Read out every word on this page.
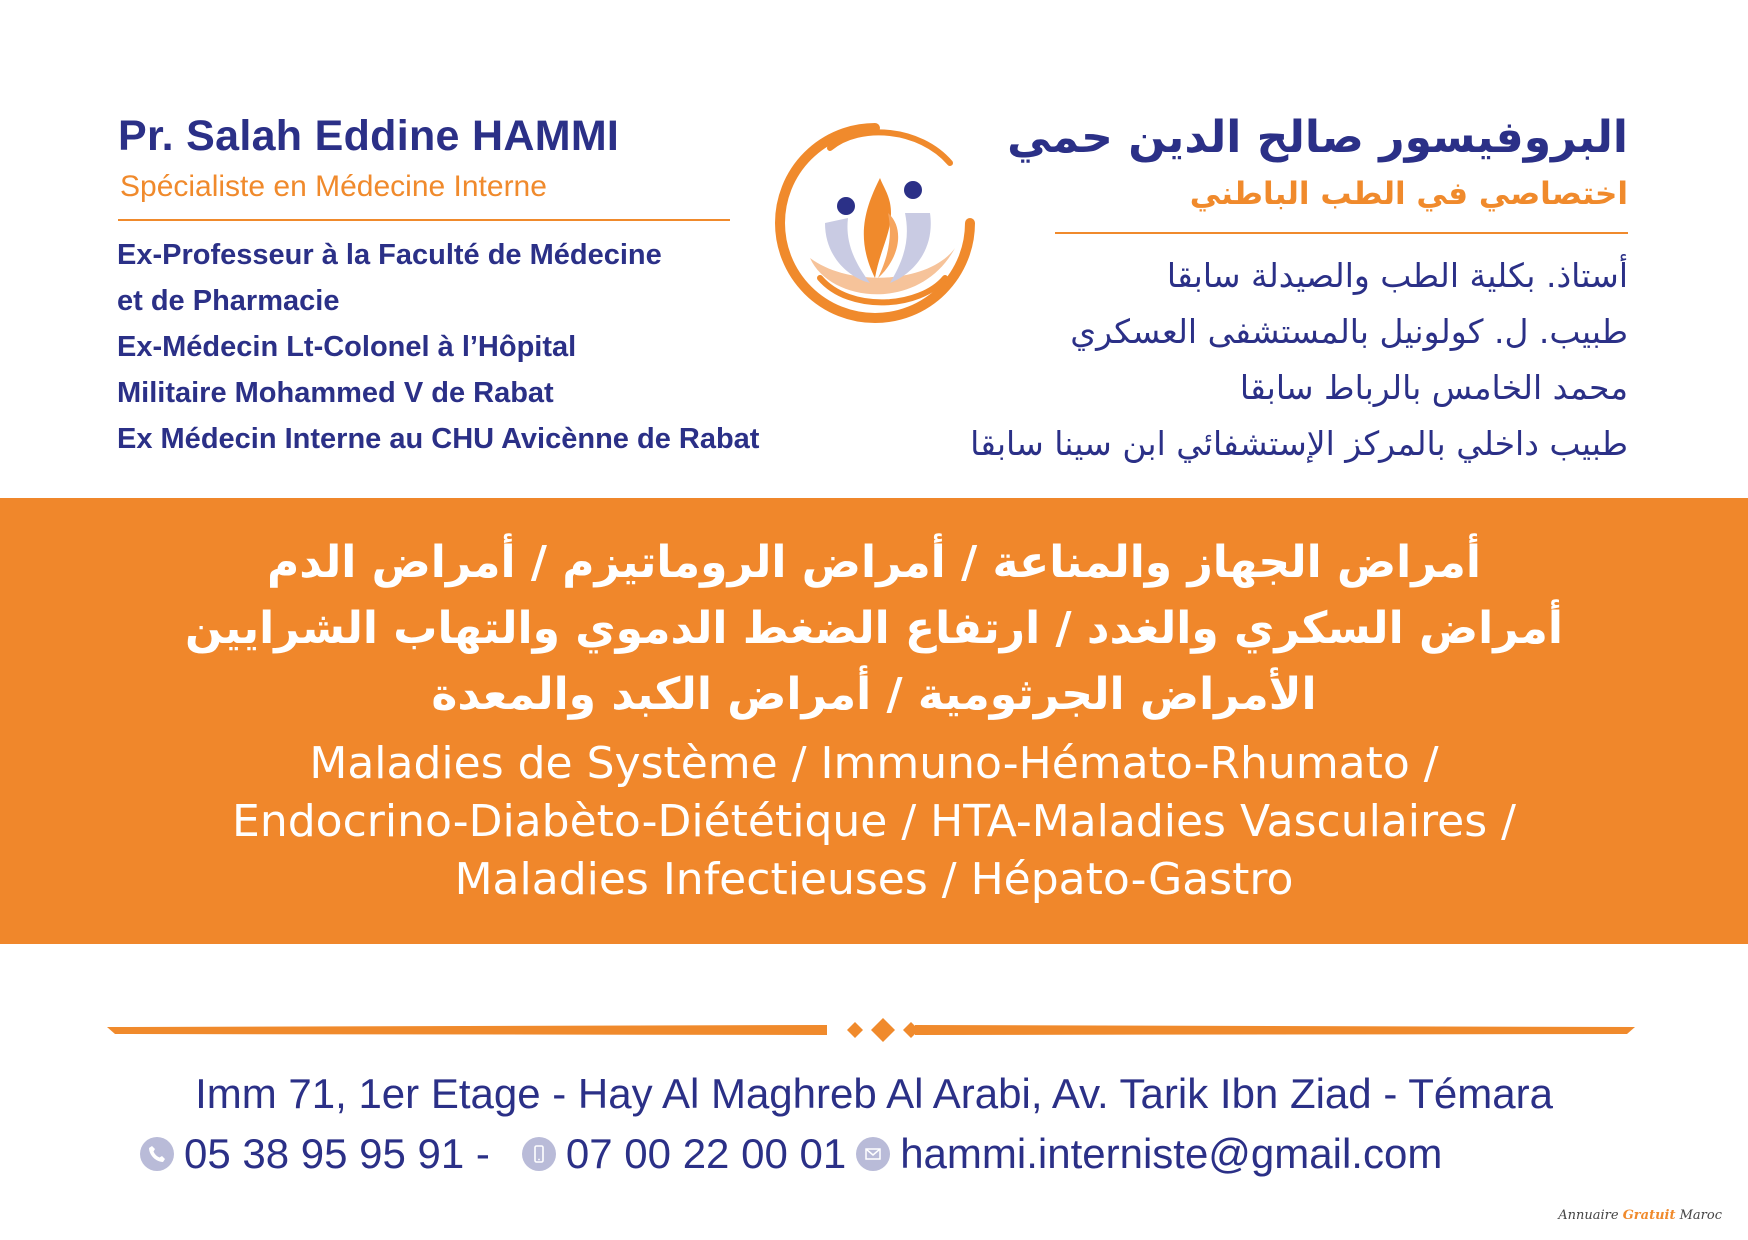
Pr. Salah Eddine HAMMI
Spécialiste en Médecine Interne
Ex-Professeur à la Faculté de Médecine
et de Pharmacie
Ex-Médecin Lt-Colonel à l’Hôpital
Militaire Mohammed V de Rabat
Ex Médecin Interne au CHU Avicènne de Rabat
البروفيسور صالح الدين حمي
اختصاصي في الطب الباطني
أستاذ. بكلية الطب والصيدلة سابقا
طبيب. ل. كولونيل بالمستشفى العسكري
محمد الخامس بالرباط سابقا
طبيب داخلي بالمركز الإستشفائي ابن سينا سابقا
أمراض الجهاز والمناعة / أمراض الروماتيزم / أمراض الدم
أمراض السكري والغدد / ارتفاع الضغط الدموي والتهاب الشرايين
الأمراض الجرثومية / أمراض الكبد والمعدة
Maladies de Système / Immuno-Hémato-Rhumato /
Endocrino-Diabèto-Diététique / HTA-Maladies Vasculaires /
Maladies Infectieuses / Hépato-Gastro
Imm 71, 1er Etage - Hay Al Maghreb Al Arabi, Av. Tarik Ibn Ziad - Témara
05 38 95 95 91 - 07 00 22 00 01 hammi.interniste@gmail.com
Annuaire Gratuit Maroc
